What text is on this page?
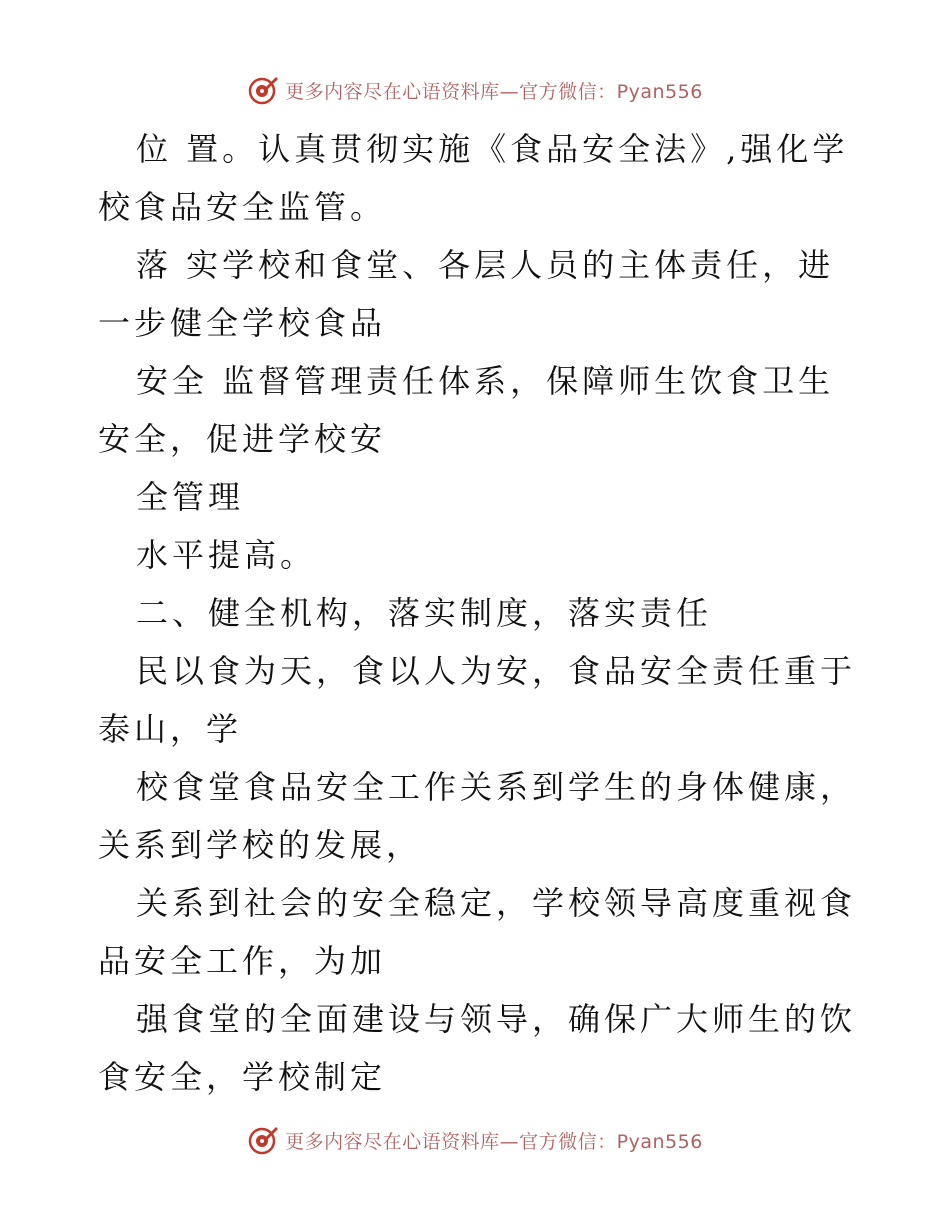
更多内容尽在心语资料库—官方微信：Pyan556

位 置。认真贯彻实施《食品安全法》,强化学校食品安全监管。

落 实学校和食堂、各层人员的主体责任，进一步健全学校食品

安全 监督管理责任体系，保障师生饮食卫生安全，促进学校安

全管理

水平提高。

二、健全机构，落实制度，落实责任

民以食为天，食以人为安，食品安全责任重于泰山，学

校食堂食品安全工作关系到学生的身体健康，关系到学校的发展，

关系到社会的安全稳定，学校领导高度重视食品安全工作，为加

强食堂的全面建设与领导，确保广大师生的饮食安全，学校制定

更多内容尽在心语资料库—官方微信：Pyan556
